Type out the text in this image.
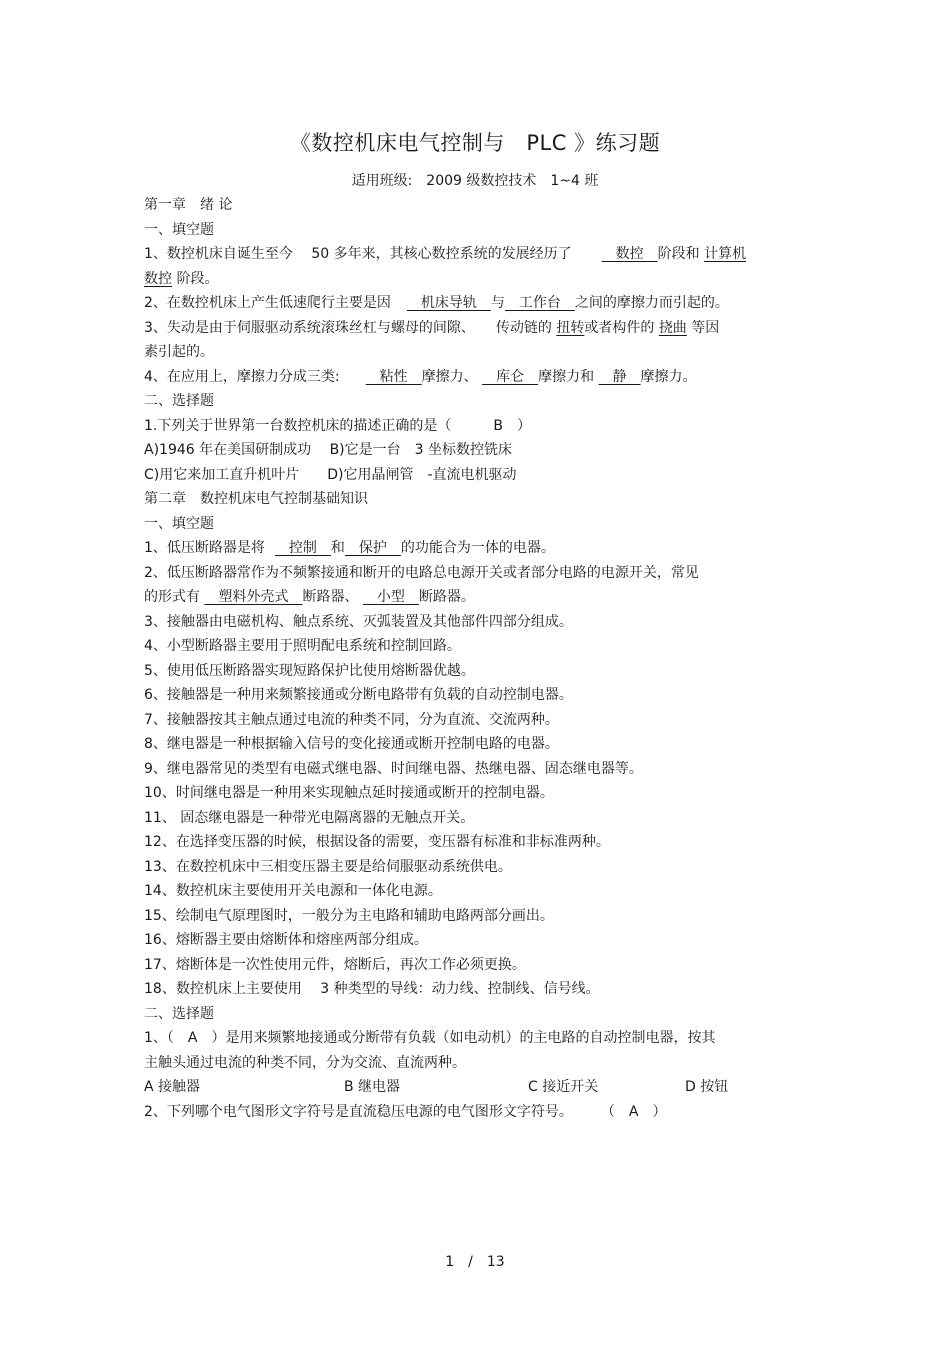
《数控机床电气控制与　PLC 》练习题
适用班级:　2009 级数控技术　1~4 班
第一章　绪 论
一、填空题
1、数控机床自诞生至今　 50 多年来，其核心数控系统的发展经历了　数控　阶段和 计算机
数控 阶段。
2、在数控机床上产生低速爬行主要是因　机床导轨　与　工作台　之间的摩擦力而引起的。
3、失动是由于伺服驱动系统滚珠丝杠与螺母的间隙、　　传动链的 扭转或者构件的 挠曲 等因
素引起的。
4、在应用上，摩擦力分成三类:　粘性　摩擦力、 　库仑　摩擦力和 　静　摩擦力。
二、选择题
1.下列关于世界第一台数控机床的描述正确的是（　　　B　）
A)1946 年在美国研制成功　 B)它是一台　3 坐标数控铣床
C)用它来加工直升机叶片　　D)它用晶闸管　-直流电机驱动
第二章　数控机床电气控制基础知识
一、填空题
1、低压断路器是将　控制　和　保护　的功能合为一体的电器。
2、低压断路器常作为不频繁接通和断开的电路总电源开关或者部分电路的电源开关，常见
的形式有 　塑料外壳式　断路器、 　小型　断路器。
3、接触器由电磁机构、触点系统、灭弧装置及其他部件四部分组成。
4、小型断路器主要用于照明配电系统和控制回路。
5、使用低压断路器实现短路保护比使用熔断器优越。
6、接触器是一种用来频繁接通或分断电路带有负载的自动控制电器。
7、接触器按其主触点通过电流的种类不同，分为直流、交流两种。
8、继电器是一种根据输入信号的变化接通或断开控制电路的电器。
9、继电器常见的类型有电磁式继电器、时间继电器、热继电器、固态继电器等。
10、时间继电器是一种用来实现触点延时接通或断开的控制电器。
11、 固态继电器是一种带光电隔离器的无触点开关。
12、在选择变压器的时候，根据设备的需要，变压器有标准和非标准两种。
13、在数控机床中三相变压器主要是给伺服驱动系统供电。
14、数控机床主要使用开关电源和一体化电源。
15、绘制电气原理图时，一般分为主电路和辅助电路两部分画出。
16、熔断器主要由熔断体和熔座两部分组成。
17、熔断体是一次性使用元件，熔断后，再次工作必须更换。
18、数控机床上主要使用　 3 种类型的导线：动力线、控制线、信号线。
二、选择题
1、（　A　）是用来频繁地接通或分断带有负载（如电动机）的主电路的自动控制电器，按其
主触头通过电流的种类不同，分为交流、直流两种。
A 接触器	B 继电器	C 接近开关	D 按钮
2、下列哪个电气图形文字符号是直流稳压电源的电气图形文字符号。　　　（　A　）
1　/　13
